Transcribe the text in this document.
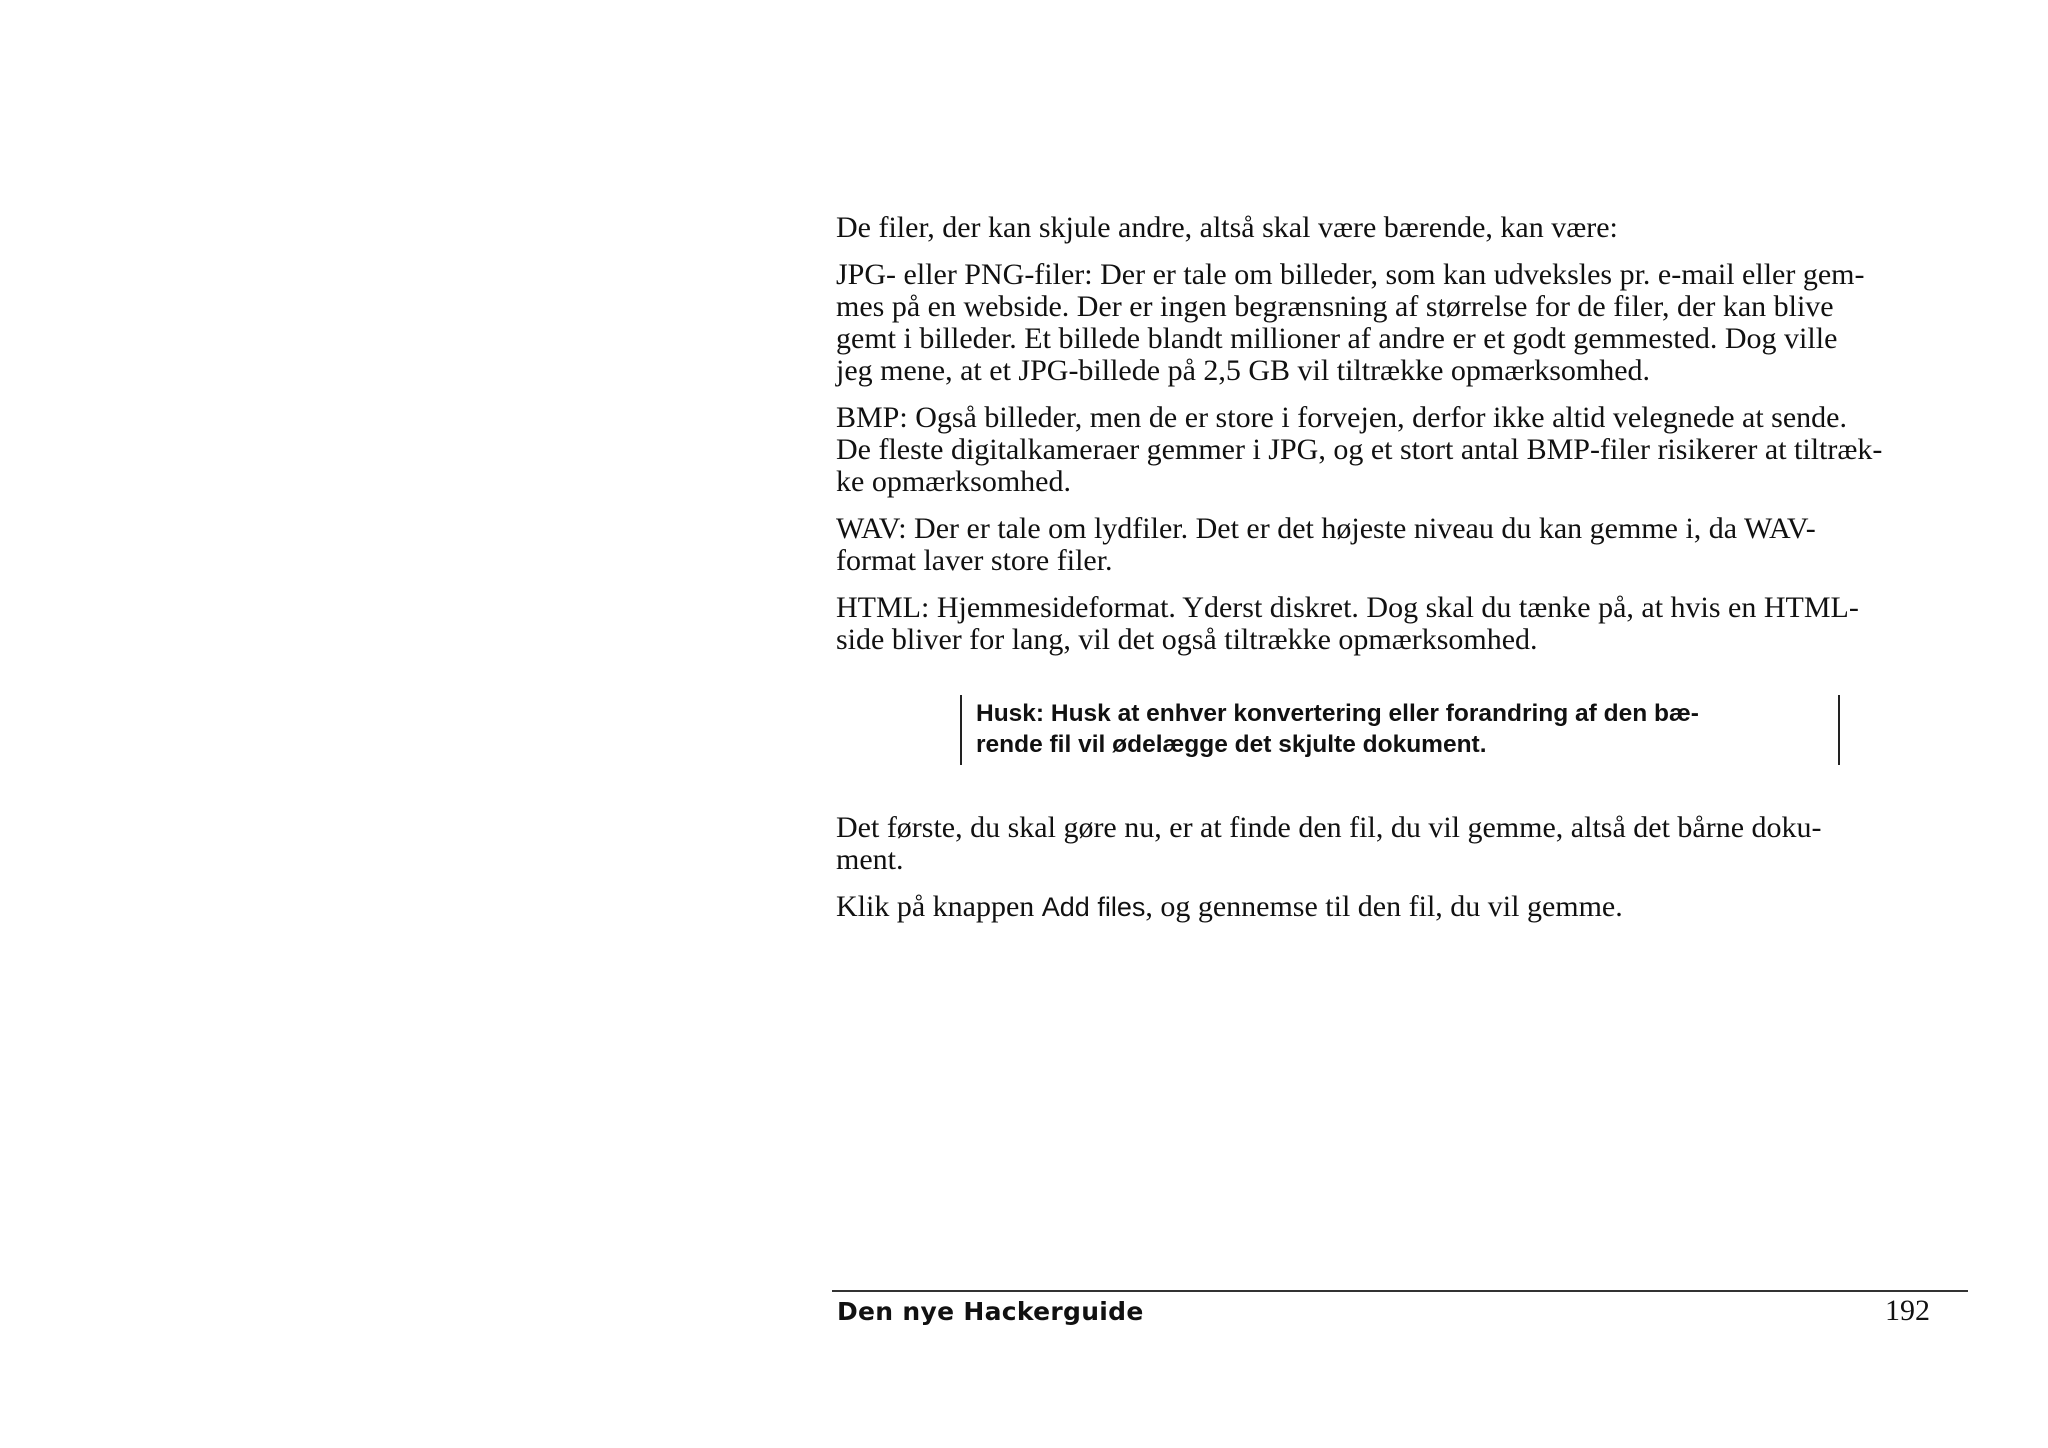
De filer, der kan skjule andre, altså skal være bærende, kan være:

JPG- eller PNG-filer: Der er tale om billeder, som kan udveksles pr. e-mail eller gem-
mes på en webside. Der er ingen begrænsning af størrelse for de filer, der kan blive
gemt i billeder. Et billede blandt millioner af andre er et godt gemmested. Dog ville
jeg mene, at et JPG-billede på 2,5 GB vil tiltrække opmærksomhed.

BMP: Også billeder, men de er store i forvejen, derfor ikke altid velegnede at sende.
De fleste digitalkameraer gemmer i JPG, og et stort antal BMP-filer risikerer at tiltræk-
ke opmærksomhed.

WAV: Der er tale om lydfiler. Det er det højeste niveau du kan gemme i, da WAV-
format laver store filer.

HTML: Hjemmesideformat. Yderst diskret. Dog skal du tænke på, at hvis en HTML-
side bliver for lang, vil det også tiltrække opmærksomhed.

Husk: Husk at enhver konvertering eller forandring af den bæ-
rende fil vil ødelægge det skjulte dokument.

Det første, du skal gøre nu, er at finde den fil, du vil gemme, altså det bårne doku-
ment.

Klik på knappen Add files, og gennemse til den fil, du vil gemme.

Den nye Hackerguide	192
